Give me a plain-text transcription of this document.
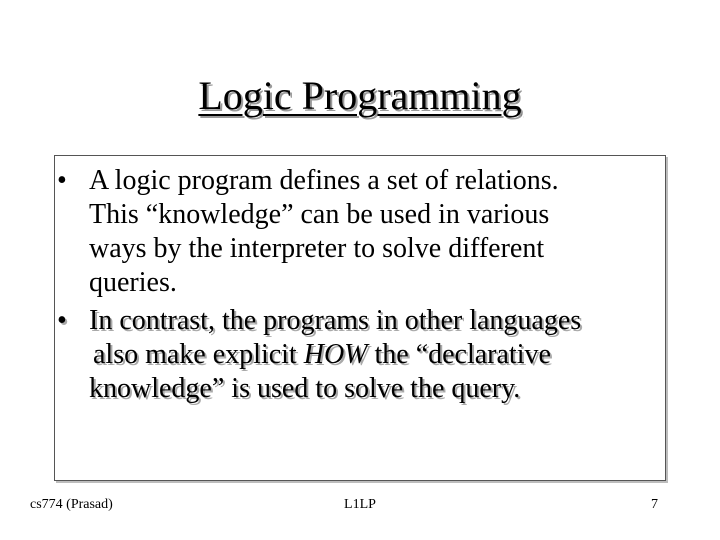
Logic Programming
• A logic program defines a set of relations.
This “knowledge” can be used in various
ways by the interpreter to solve different
queries.
• In contrast, the programs in other languages
also make explicit HOW the “declarative
knowledge” is used to solve the query.
cs774 (Prasad)	L1LP	7
